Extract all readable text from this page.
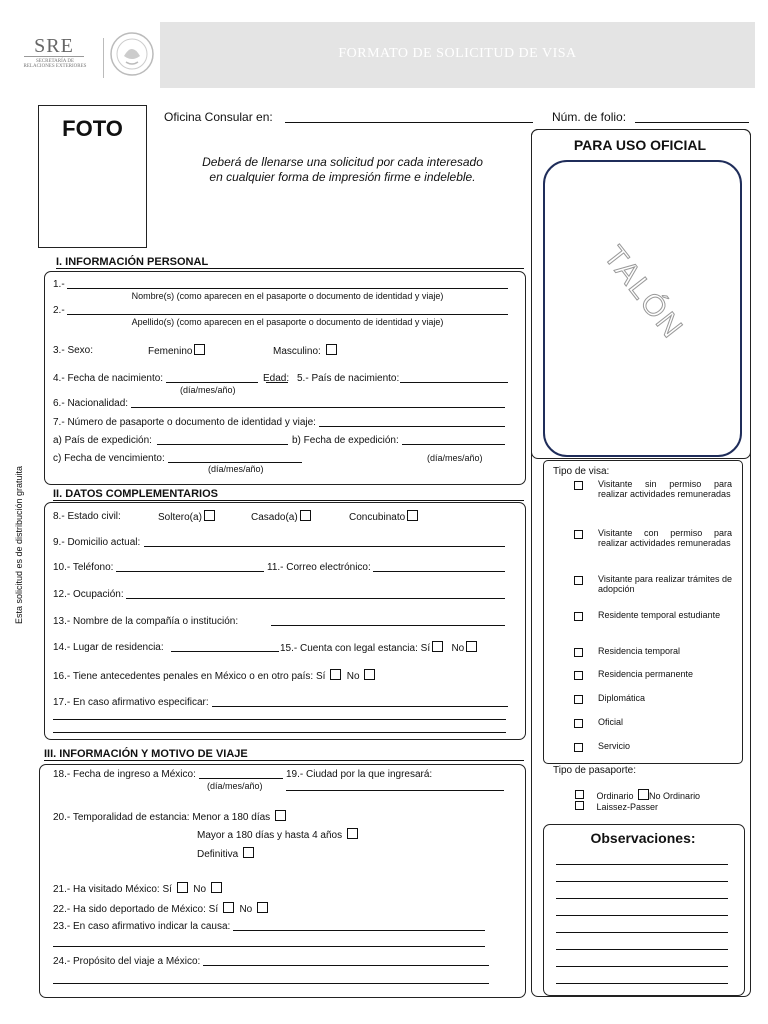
SRE
SECRETARÍA DE
RELACIONES EXTERIORES
FORMATO DE SOLICITUD DE VISA
FOTO	Oficina Consular en:	Núm. de folio:
Deberá de llenarse una solicitud por cada interesado
en cualquier forma de impresión firme e indeleble.
Esta solicitud es de distribución gratuita
I. INFORMACIÓN PERSONAL
1.-
Nombre(s) (como aparecen en el pasaporte o documento de identidad y viaje)
2.-
Apellido(s) (como aparecen en el pasaporte o documento de identidad y viaje)
3.- Sexo:	Femenino	Masculino:
4.- Fecha de nacimiento:
(día/mes/año)
Edad: 5.- País de nacimiento:
6.- Nacionalidad:
7.- Número de pasaporte o documento de identidad y viaje:
a) País de expedición:	b) Fecha de expedición:
c) Fecha de vencimiento:
(día/mes/año)
(día/mes/año)
II. DATOS COMPLEMENTARIOS
8.- Estado civil:	Soltero(a)	Casado(a)	Concubinato
9.- Domicilio actual:
10.- Teléfono:	11.- Correo electrónico:
12.- Ocupación:
13.- Nombre de la compañía o institución:
14.- Lugar de residencia:	15.- Cuenta con legal estancia: Sí No
16.- Tiene antecedentes penales en México o en otro país: Sí No
17.- En caso afirmativo especificar:
III. INFORMACIÓN Y MOTIVO DE VIAJE
18.- Fecha de ingreso a México:
(día/mes/año)
19.- Ciudad por la que ingresará:
20.- Temporalidad de estancia: Menor a 180 días
Mayor a 180 días y hasta 4 años
Definitiva
21.- Ha visitado México: Sí No
22.- Ha sido deportado de México: Sí No
23.- En caso afirmativo indicar la causa:
24.- Propósito del viaje a México:
PARA USO OFICIAL
TALÓN
Tipo de visa:
Visitante sin permiso para realizar actividades remuneradas
Visitante con permiso para realizar actividades remuneradas
Visitante para realizar trámites de adopción
Residente temporal estudiante
Residencia temporal
Residencia permanente
Diplomática
Oficial
Servicio
Tipo de pasaporte:
Ordinario No Ordinario
Laissez-Passer
Observaciones:
